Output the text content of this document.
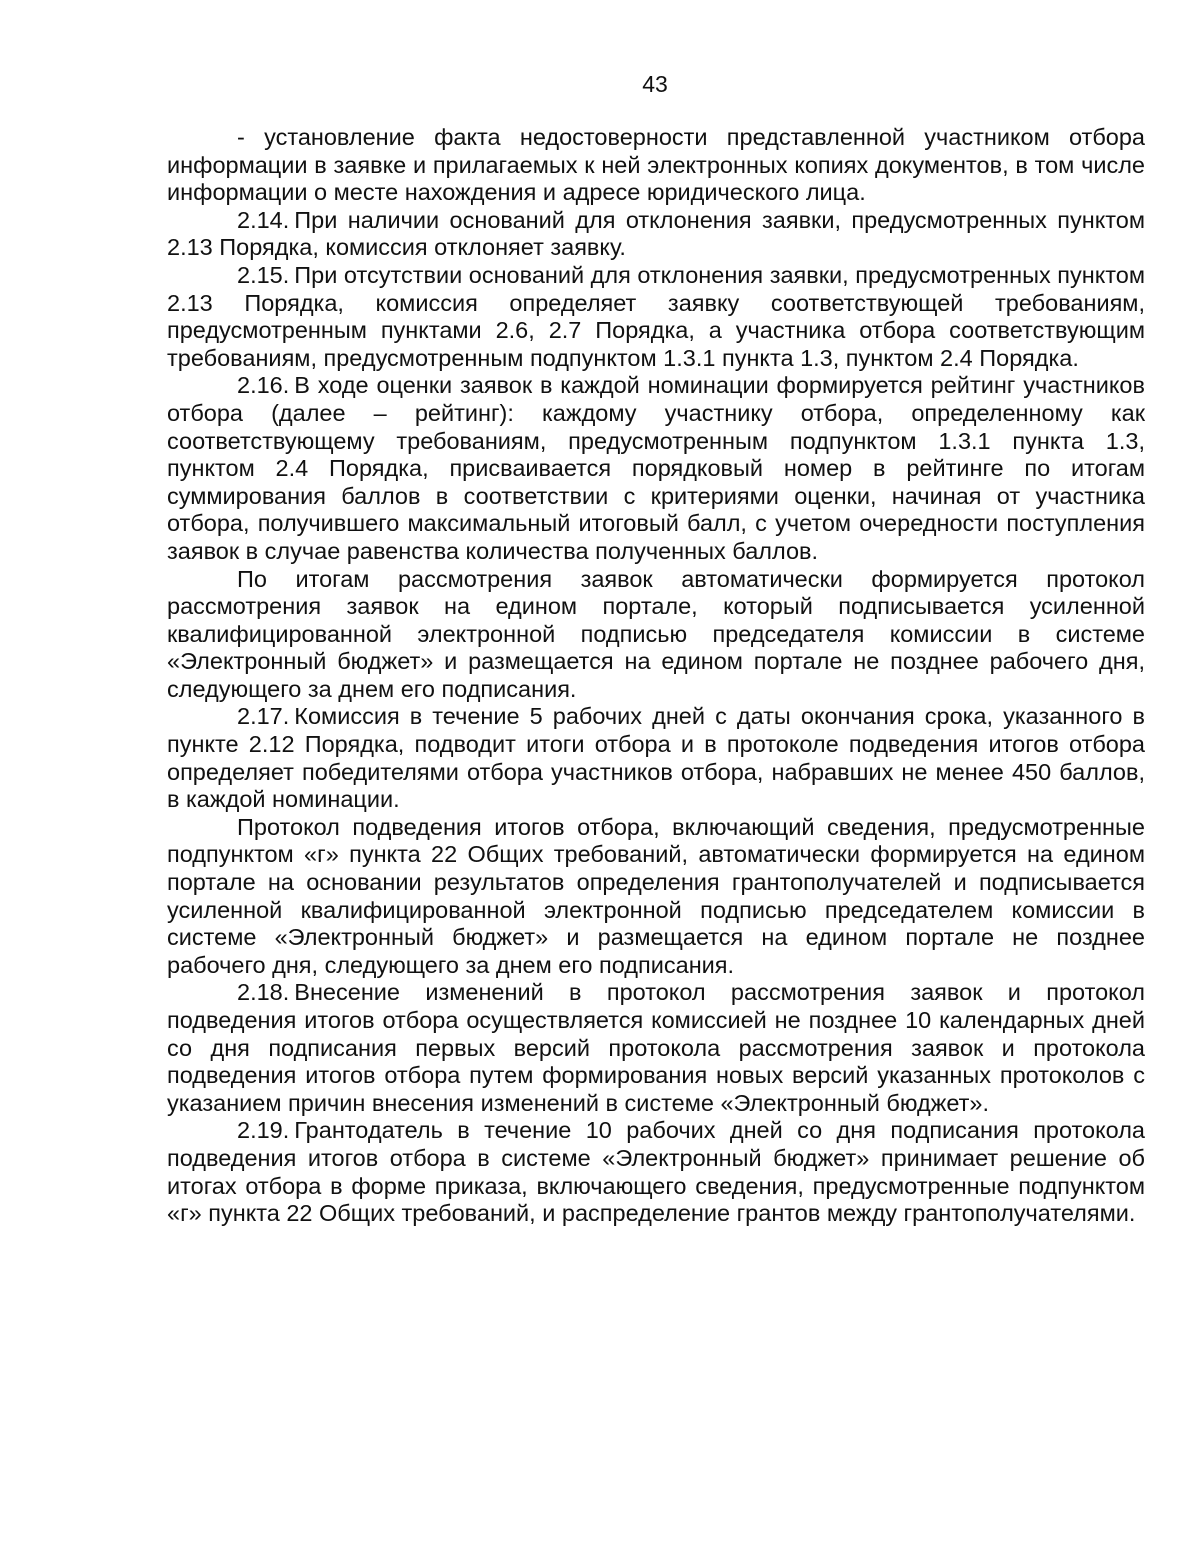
43

- установление факта недостоверности представленной участником отбора информации в заявке и прилагаемых к ней электронных копиях документов, в том числе информации о месте нахождения и адресе юридического лица.

2.14. При наличии оснований для отклонения заявки, предусмотренных пунктом 2.13 Порядка, комиссия отклоняет заявку.

2.15. При отсутствии оснований для отклонения заявки, предусмотренных пунктом 2.13 Порядка, комиссия определяет заявку соответствующей требованиям, предусмотренным пунктами 2.6, 2.7 Порядка, а участника отбора соответствующим требованиям, предусмотренным подпунктом 1.3.1 пункта 1.3, пунктом 2.4 Порядка.

2.16. В ходе оценки заявок в каждой номинации формируется рейтинг участников отбора (далее – рейтинг): каждому участнику отбора, определенному как соответствующему требованиям, предусмотренным подпунктом 1.3.1 пункта 1.3, пунктом 2.4 Порядка, присваивается порядковый номер в рейтинге по итогам суммирования баллов в соответствии с критериями оценки, начиная от участника отбора, получившего максимальный итоговый балл, с учетом очередности поступления заявок в случае равенства количества полученных баллов.

По итогам рассмотрения заявок автоматически формируется протокол рассмотрения заявок на едином портале, который подписывается усиленной квалифицированной электронной подписью председателя комиссии в системе «Электронный бюджет» и размещается на едином портале не позднее рабочего дня, следующего за днем его подписания.

2.17. Комиссия в течение 5 рабочих дней с даты окончания срока, указанного в пункте 2.12 Порядка, подводит итоги отбора и в протоколе подведения итогов отбора определяет победителями отбора участников отбора, набравших не менее 450 баллов, в каждой номинации.

Протокол подведения итогов отбора, включающий сведения, предусмотренные подпунктом «г» пункта 22 Общих требований, автоматически формируется на едином портале на основании результатов определения грантополучателей и подписывается усиленной квалифицированной электронной подписью председателем комиссии в системе «Электронный бюджет» и размещается на едином портале не позднее рабочего дня, следующего за днем его подписания.

2.18. Внесение изменений в протокол рассмотрения заявок и протокол подведения итогов отбора осуществляется комиссией не позднее 10 календарных дней со дня подписания первых версий протокола рассмотрения заявок и протокола подведения итогов отбора путем формирования новых версий указанных протоколов с указанием причин внесения изменений в системе «Электронный бюджет».

2.19. Грантодатель в течение 10 рабочих дней со дня подписания протокола подведения итогов отбора в системе «Электронный бюджет» принимает решение об итогах отбора в форме приказа, включающего сведения, предусмотренные подпунктом «г» пункта 22 Общих требований, и распределение грантов между грантополучателями.
